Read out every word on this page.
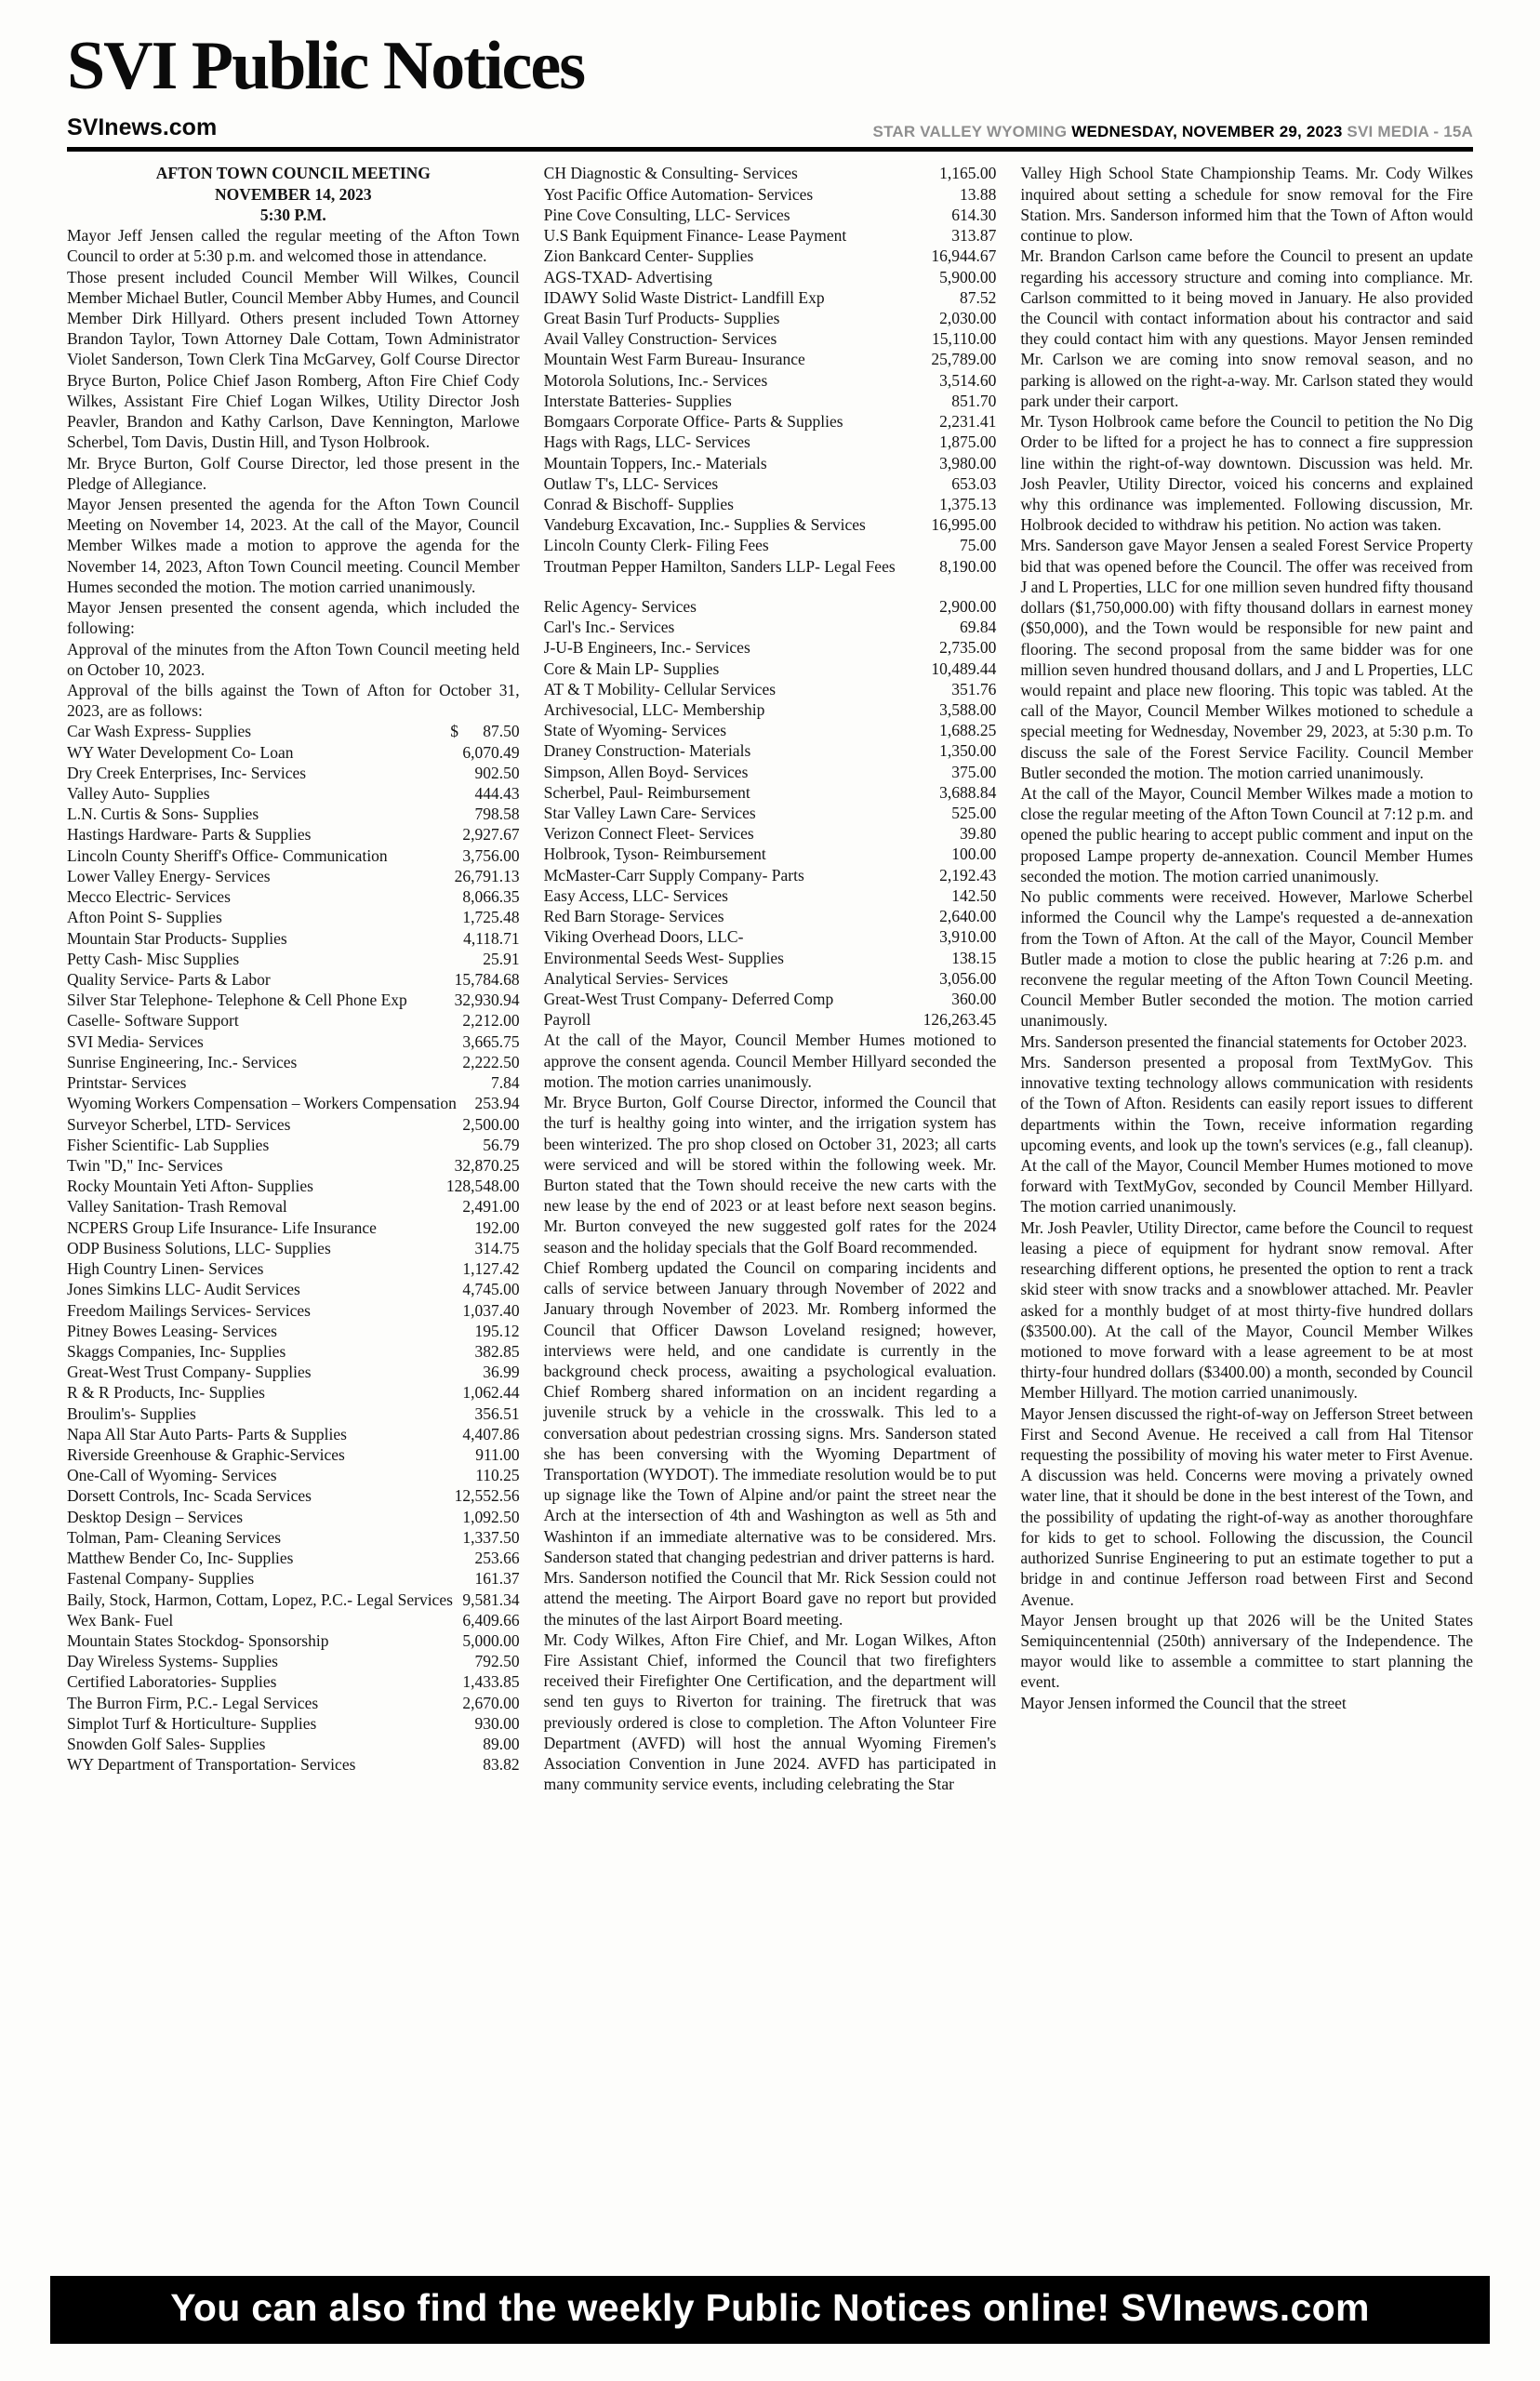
SVI Public Notices
SVInews.com	STAR VALLEY WYOMING WEDNESDAY, NOVEMBER 29, 2023 SVI MEDIA - 15A

AFTON TOWN COUNCIL MEETING

NOVEMBER 14, 2023

5:30 P.M.

Mayor Jeff Jensen called the regular meeting of the Afton Town Council to order at 5:30 p.m. and welcomed those in attendance.

Those present included Council Member Will Wilkes, Council Member Michael Butler, Council Member Abby Humes, and Council Member Dirk Hillyard. Others present included Town Attorney Brandon Taylor, Town Attorney Dale Cottam, Town Administrator Violet Sanderson, Town Clerk Tina McGarvey, Golf Course Director Bryce Burton, Police Chief Jason Romberg, Afton Fire Chief Cody Wilkes, Assistant Fire Chief Logan Wilkes, Utility Director Josh Peavler, Brandon and Kathy Carlson, Dave Kennington, Marlowe Scherbel, Tom Davis, Dustin Hill, and Tyson Holbrook.

Mr. Bryce Burton, Golf Course Director, led those present in the Pledge of Allegiance.

Mayor Jensen presented the agenda for the Afton Town Council Meeting on November 14, 2023. At the call of the Mayor, Council Member Wilkes made a motion to approve the agenda for the November 14, 2023, Afton Town Council meeting. Council Member Humes seconded the motion. The motion carried unanimously.

Mayor Jensen presented the consent agenda, which included the following:

Approval of the minutes from the Afton Town Council meeting held on October 10, 2023.

Approval of the bills against the Town of Afton for October 31, 2023, are as follows:

Car Wash Express- Supplies	$      87.50
WY Water Development Co- Loan	6,070.49
Dry Creek Enterprises, Inc- Services	902.50
Valley Auto- Supplies	444.43
L.N. Curtis & Sons- Supplies	798.58
Hastings Hardware- Parts & Supplies	2,927.67
Lincoln County Sheriff's Office- Communication	3,756.00
Lower Valley Energy- Services	26,791.13
Mecco Electric- Services	8,066.35
Afton Point S- Supplies	1,725.48
Mountain Star Products- Supplies	4,118.71
Petty Cash- Misc Supplies	25.91
Quality Service- Parts & Labor	15,784.68
Silver Star Telephone- Telephone & Cell Phone Exp	32,930.94
Caselle- Software Support	2,212.00
SVI Media- Services	3,665.75
Sunrise Engineering, Inc.- Services	2,222.50
Printstar- Services	7.84
Wyoming Workers Compensation – Workers Compensation 253.94
Surveyor Scherbel, LTD- Services	2,500.00
Fisher Scientific- Lab Supplies	56.79
Twin "D," Inc- Services	32,870.25
Rocky Mountain Yeti Afton- Supplies	128,548.00
Valley Sanitation- Trash Removal	2,491.00
NCPERS Group Life Insurance- Life Insurance	192.00
ODP Business Solutions, LLC- Supplies	314.75
High Country Linen- Services	1,127.42
Jones Simkins LLC- Audit Services	4,745.00
Freedom Mailings Services- Services	1,037.40
Pitney Bowes Leasing- Services	195.12
Skaggs Companies, Inc- Supplies	382.85
Great-West Trust Company- Supplies	36.99
R & R Products, Inc- Supplies	1,062.44
Broulim's- Supplies	356.51
Napa All Star Auto Parts- Parts & Supplies	4,407.86
Riverside Greenhouse & Graphic-Services	911.00
One-Call of Wyoming- Services	110.25
Dorsett Controls, Inc- Scada Services	12,552.56
Desktop Design – Services	1,092.50
Tolman, Pam- Cleaning Services	1,337.50
Matthew Bender Co, Inc- Supplies	253.66
Fastenal Company- Supplies	161.37
Baily, Stock, Harmon, Cottam, Lopez, P.C.- Legal Services 9,581.34
Wex Bank- Fuel	6,409.66
Mountain States Stockdog- Sponsorship	5,000.00
Day Wireless Systems- Supplies	792.50
Certified Laboratories- Supplies	1,433.85
The Burron Firm, P.C.- Legal Services	2,670.00
Simplot Turf & Horticulture- Supplies	930.00
Snowden Golf Sales- Supplies	89.00
WY Department of Transportation- Services	83.82
CH Diagnostic & Consulting- Services	1,165.00
Yost Pacific Office Automation- Services	13.88
Pine Cove Consulting, LLC- Services	614.30
U.S Bank Equipment Finance- Lease Payment	313.87
Zion Bankcard Center- Supplies	16,944.67
AGS-TXAD- Advertising	5,900.00
IDAWY Solid Waste District- Landfill Exp	87.52
Great Basin Turf Products- Supplies	2,030.00
Avail Valley Construction- Services	15,110.00
Mountain West Farm Bureau- Insurance	25,789.00
Motorola Solutions, Inc.- Services	3,514.60
Interstate Batteries- Supplies	851.70
Bomgaars Corporate Office- Parts & Supplies	2,231.41
Hags with Rags, LLC- Services	1,875.00
Mountain Toppers, Inc.- Materials	3,980.00
Outlaw T's, LLC- Services	653.03
Conrad & Bischoff- Supplies	1,375.13
Vandeburg Excavation, Inc.- Supplies & Services	16,995.00
Lincoln County Clerk- Filing Fees	75.00
Troutman Pepper Hamilton, Sanders LLP- Legal Fees	8,190.00
Relic Agency- Services	2,900.00
Carl's Inc.- Services	69.84
J-U-B Engineers, Inc.- Services	2,735.00
Core & Main LP- Supplies	10,489.44
AT & T Mobility- Cellular Services	351.76
Archivesocial, LLC- Membership	3,588.00
State of Wyoming- Services	1,688.25
Draney Construction- Materials	1,350.00
Simpson, Allen Boyd- Services	375.00
Scherbel, Paul- Reimbursement	3,688.84
Star Valley Lawn Care- Services	525.00
Verizon Connect Fleet- Services	39.80
Holbrook, Tyson- Reimbursement	100.00
McMaster-Carr Supply Company- Parts	2,192.43
Easy Access, LLC- Services	142.50
Red Barn Storage- Services	2,640.00
Viking Overhead Doors, LLC-	3,910.00
Environmental Seeds West- Supplies	138.15
Analytical Servies- Services	3,056.00
Great-West Trust Company- Deferred Comp	360.00
Payroll	126,263.45

At the call of the Mayor, Council Member Humes motioned to approve the consent agenda. Council Member Hillyard seconded the motion. The motion carries unanimously.

Mr. Bryce Burton, Golf Course Director, informed the Council that the turf is healthy going into winter, and the irrigation system has been winterized. The pro shop closed on October 31, 2023; all carts were serviced and will be stored within the following week. Mr. Burton stated that the Town should receive the new carts with the new lease by the end of 2023 or at least before next season begins. Mr. Burton conveyed the new suggested golf rates for the 2024 season and the holiday specials that the Golf Board recommended.

Chief Romberg updated the Council on comparing incidents and calls of service between January through November of 2022 and January through November of 2023. Mr. Romberg informed the Council that Officer Dawson Loveland resigned; however, interviews were held, and one candidate is currently in the background check process, awaiting a psychological evaluation. Chief Romberg shared information on an incident regarding a juvenile struck by a vehicle in the crosswalk. This led to a conversation about pedestrian crossing signs. Mrs. Sanderson stated she has been conversing with the Wyoming Department of Transportation (WYDOT). The immediate resolution would be to put up signage like the Town of Alpine and/or paint the street near the Arch at the intersection of 4th and Washington as well as 5th and Washinton if an immediate alternative was to be considered. Mrs. Sanderson stated that changing pedestrian and driver patterns is hard.

Mrs. Sanderson notified the Council that Mr. Rick Session could not attend the meeting. The Airport Board gave no report but provided the minutes of the last Airport Board meeting.

Mr. Cody Wilkes, Afton Fire Chief, and Mr. Logan Wilkes, Afton Fire Assistant Chief, informed the Council that two firefighters received their Firefighter One Certification, and the department will send ten guys to Riverton for training. The firetruck that was previously ordered is close to completion. The Afton Volunteer Fire Department (AVFD) will host the annual Wyoming Firemen's Association Convention in June 2024. AVFD has participated in many community service events, including celebrating the Star

Valley High School State Championship Teams. Mr. Cody Wilkes inquired about setting a schedule for snow removal for the Fire Station. Mrs. Sanderson informed him that the Town of Afton would continue to plow.

Mr. Brandon Carlson came before the Council to present an update regarding his accessory structure and coming into compliance. Mr. Carlson committed to it being moved in January. He also provided the Council with contact information about his contractor and said they could contact him with any questions. Mayor Jensen reminded Mr. Carlson we are coming into snow removal season, and no parking is allowed on the right-a-way. Mr. Carlson stated they would park under their carport.

Mr. Tyson Holbrook came before the Council to petition the No Dig Order to be lifted for a project he has to connect a fire suppression line within the right-of-way downtown. Discussion was held. Mr. Josh Peavler, Utility Director, voiced his concerns and explained why this ordinance was implemented. Following discussion, Mr. Holbrook decided to withdraw his petition. No action was taken.

Mrs. Sanderson gave Mayor Jensen a sealed Forest Service Property bid that was opened before the Council. The offer was received from J and L Properties, LLC for one million seven hundred fifty thousand dollars ($1,750,000.00) with fifty thousand dollars in earnest money ($50,000), and the Town would be responsible for new paint and flooring. The second proposal from the same bidder was for one million seven hundred thousand dollars, and J and L Properties, LLC would repaint and place new flooring. This topic was tabled. At the call of the Mayor, Council Member Wilkes motioned to schedule a special meeting for Wednesday, November 29, 2023, at 5:30 p.m. To discuss the sale of the Forest Service Facility. Council Member Butler seconded the motion. The motion carried unanimously.

At the call of the Mayor, Council Member Wilkes made a motion to close the regular meeting of the Afton Town Council at 7:12 p.m. and opened the public hearing to accept public comment and input on the proposed Lampe property de-annexation. Council Member Humes seconded the motion. The motion carried unanimously.

No public comments were received. However, Marlowe Scherbel informed the Council why the Lampe's requested a de-annexation from the Town of Afton. At the call of the Mayor, Council Member Butler made a motion to close the public hearing at 7:26 p.m. and reconvene the regular meeting of the Afton Town Council Meeting. Council Member Butler seconded the motion. The motion carried unanimously.

Mrs. Sanderson presented the financial statements for October 2023.

Mrs. Sanderson presented a proposal from TextMyGov. This innovative texting technology allows communication with residents of the Town of Afton. Residents can easily report issues to different departments within the Town, receive information regarding upcoming events, and look up the town's services (e.g., fall cleanup). At the call of the Mayor, Council Member Humes motioned to move forward with TextMyGov, seconded by Council Member Hillyard. The motion carried unanimously.

Mr. Josh Peavler, Utility Director, came before the Council to request leasing a piece of equipment for hydrant snow removal. After researching different options, he presented the option to rent a track skid steer with snow tracks and a snowblower attached. Mr. Peavler asked for a monthly budget of at most thirty-five hundred dollars ($3500.00). At the call of the Mayor, Council Member Wilkes motioned to move forward with a lease agreement to be at most thirty-four hundred dollars ($3400.00) a month, seconded by Council Member Hillyard. The motion carried unanimously.

Mayor Jensen discussed the right-of-way on Jefferson Street between First and Second Avenue. He received a call from Hal Titensor requesting the possibility of moving his water meter to First Avenue. A discussion was held. Concerns were moving a privately owned water line, that it should be done in the best interest of the Town, and the possibility of updating the right-of-way as another thoroughfare for kids to get to school. Following the discussion, the Council authorized Sunrise Engineering to put an estimate together to put a bridge in and continue Jefferson road between First and Second Avenue.

Mayor Jensen brought up that 2026 will be the United States Semiquincentennial (250th) anniversary of the Independence. The mayor would like to assemble a committee to start planning the event.

Mayor Jensen informed the Council that the street

You can also find the weekly Public Notices online! SVInews.com
